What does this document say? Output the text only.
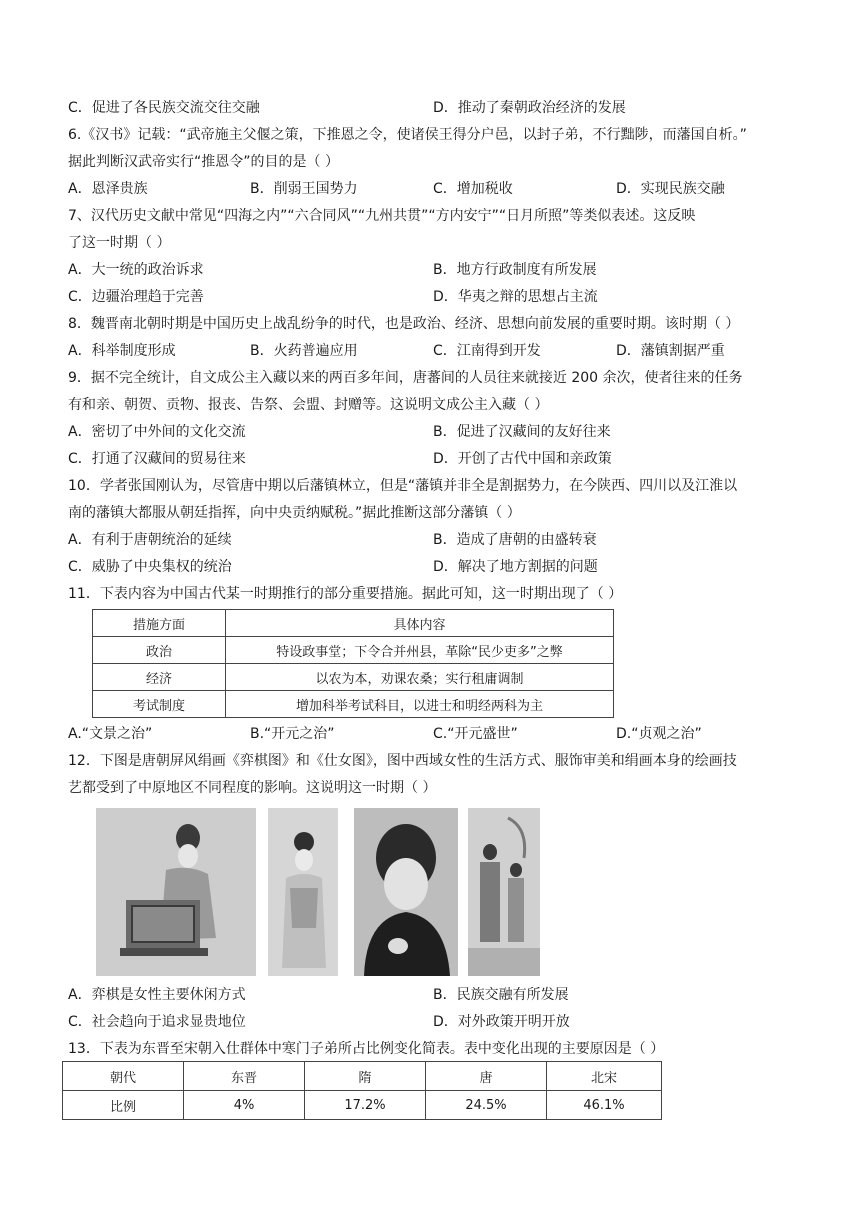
C．促进了各民族交流交往交融	D．推动了秦朝政治经济的发展
6.《汉书》记载：“武帝施主父偃之策，下推恩之令，使诸侯王得分户邑，以封子弟，不行黜陟，而藩国自析。”
据此判断汉武帝实行“推恩令”的目的是（ ）
A．恩泽贵族	B．削弱王国势力	C．增加税收	D．实现民族交融
7、汉代历史文献中常见“四海之内”“六合同风”“九州共贯”“方内安宁”“日月所照”等类似表述。这反映
了这一时期（ ）
A．大一统的政治诉求	B．地方行政制度有所发展
C．边疆治理趋于完善	D．华夷之辩的思想占主流
8．魏晋南北朝时期是中国历史上战乱纷争的时代，也是政治、经济、思想向前发展的重要时期。该时期（ ）
A．科举制度形成	B．火药普遍应用	C．江南得到开发	D．藩镇割据严重
9．据不完全统计，自文成公主入藏以来的两百多年间，唐蕃间的人员往来就接近 200 余次，使者往来的任务
有和亲、朝贺、贡物、报丧、告祭、会盟、封赠等。这说明文成公主入藏（ ）
A．密切了中外间的文化交流	B．促进了汉藏间的友好往来
C．打通了汉藏间的贸易往来	D．开创了古代中国和亲政策
10．学者张国刚认为，尽管唐中期以后藩镇林立，但是“藩镇并非全是割据势力，在今陕西、四川以及江淮以
南的藩镇大都服从朝廷指挥，向中央贡纳赋税。”据此推断这部分藩镇（ ）
A．有利于唐朝统治的延续	B．造成了唐朝的由盛转衰
C．威胁了中央集权的统治	D．解决了地方割据的问题
11．下表内容为中国古代某一时期推行的部分重要措施。据此可知，这一时期出现了（ ）
措施方面	具体内容
政治	特设政事堂；下令合并州县，革除“民少吏多”之弊
经济	以农为本，劝课农桑；实行租庸调制
考试制度	增加科举考试科目，以进士和明经两科为主
A.“文景之治”	B.“开元之治”	C.“开元盛世”	D.“贞观之治”
12．下图是唐朝屏风绢画《弈棋图》和《仕女图》，图中西域女性的生活方式、服饰审美和绢画本身的绘画技
艺都受到了中原地区不同程度的影响。这说明这一时期（ ）
A．弈棋是女性主要休闲方式	B．民族交融有所发展
C．社会趋向于追求显贵地位	D．对外政策开明开放
13．下表为东晋至宋朝入仕群体中寒门子弟所占比例变化简表。表中变化出现的主要原因是（ ）
朝代	东晋	隋	唐	北宋
比例	4%	17.2%	24.5%	46.1%
